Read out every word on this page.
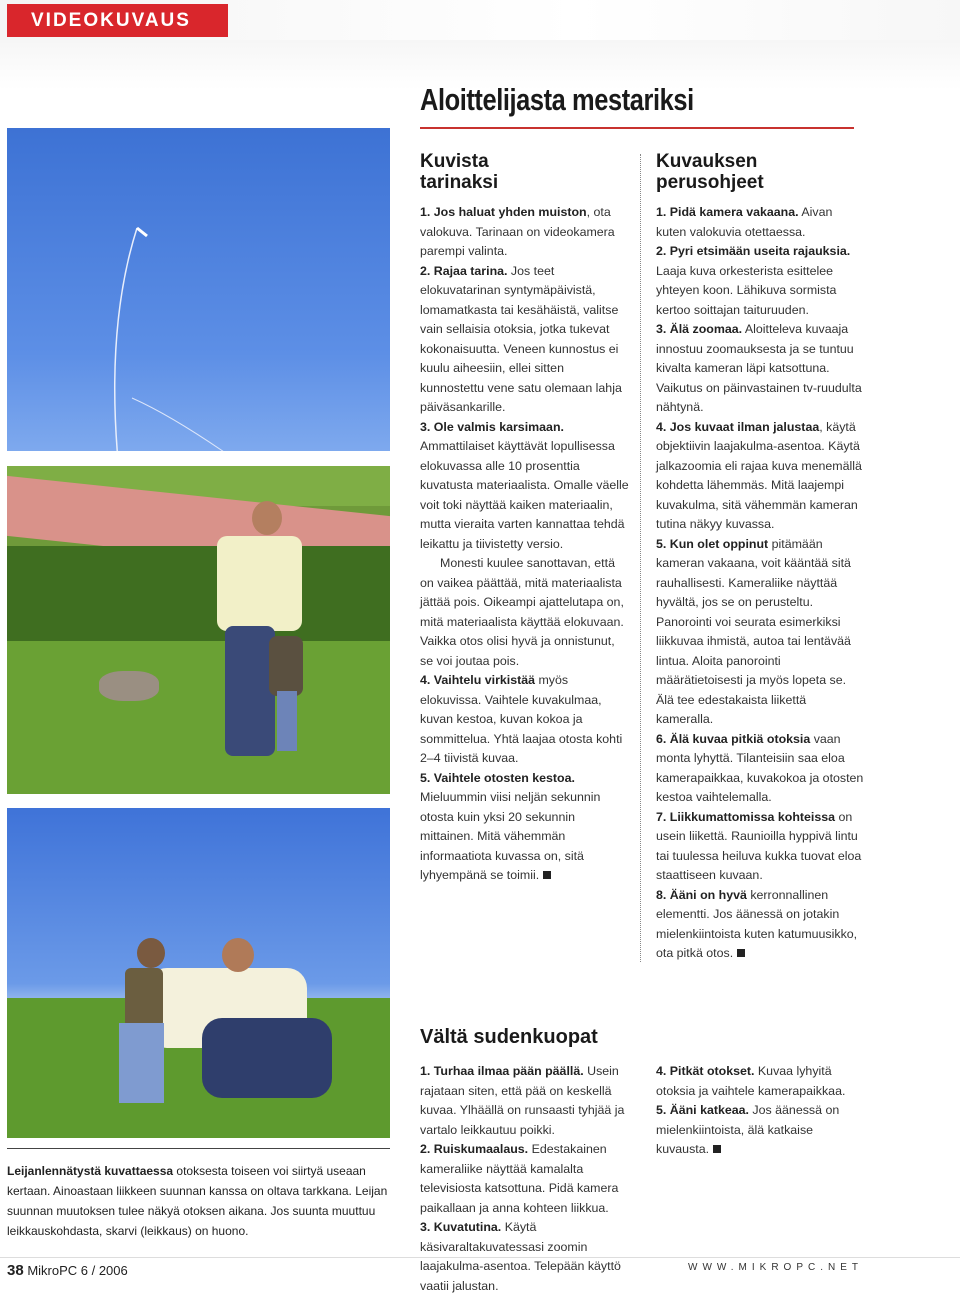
VIDEOKUVAUS
Leijanlennätystä kuvattaessa otoksesta toiseen voi siirtyä useaan kertaan. Ainoastaan liikkeen suunnan kanssa on oltava tarkkana. Leijan suunnan muutoksen tulee näkyä otoksen aikana. Jos suunta muuttuu leikkauskohdasta, skarvi (leikkaus) on huono.
Aloittelijasta mestariksi
Kuvista
tarinaksi

1. Jos haluat yhden muiston, ota valokuva. Tarinaan on videokamera parempi valinta.

2. Rajaa tarina. Jos teet elokuvatarinan syntymäpäivistä, lomamatkasta tai kesähäistä, valitse vain sellaisia otoksia, jotka tukevat kokonaisuutta. Veneen kunnostus ei kuulu aiheesiin, ellei sitten kunnostettu vene satu olemaan lahja päiväsankarille.

3. Ole valmis karsimaan. Ammattilaiset käyttävät lopullisessa elokuvassa alle 10 prosenttia kuvatusta materiaalista. Omalle väelle voit toki näyttää kaiken materiaalin, mutta vieraita varten kannattaa tehdä leikattu ja tiivistetty versio.

Monesti kuulee sanottavan, että on vaikea päättää, mitä materiaalista jättää pois. Oikeampi ajattelutapa on, mitä materiaalista käyttää elokuvaan. Vaikka otos olisi hyvä ja onnistunut, se voi joutaa pois.

4. Vaihtelu virkistää myös elokuvissa. Vaihtele kuvakulmaa, kuvan kestoa, kuvan kokoa ja sommittelua. Yhtä laajaa otosta kohti 2–4 tiivistä kuvaa.

5. Vaihtele otosten kestoa. Mieluummin viisi neljän sekunnin otosta kuin yksi 20 sekunnin mittainen. Mitä vähemmän informaatiota kuvassa on, sitä lyhyempänä se toimii.

Kuvauksen
perusohjeet

1. Pidä kamera vakaana. Aivan kuten valokuvia otettaessa.

2. Pyri etsimään useita rajauksia. Laaja kuva orkesterista esittelee yhteyen koon. Lähikuva sormista kertoo soittajan taituruuden.

3. Älä zoomaa. Aloitteleva kuvaaja innostuu zoomauksesta ja se tuntuu kivalta kameran läpi katsottuna. Vaikutus on päinvastainen tv-ruudulta nähtynä.

4. Jos kuvaat ilman jalustaa, käytä objektiivin laajakulma-asentoa. Käytä jalkazoomia eli rajaa kuva menemällä kohdetta lähemmäs. Mitä laajempi kuvakulma, sitä vähemmän kameran tutina näkyy kuvassa.

5. Kun olet oppinut pitämään kameran vakaana, voit kääntää sitä rauhallisesti. Kameraliike näyttää hyvältä, jos se on perusteltu. Panorointi voi seurata esimerkiksi liikkuvaa ihmistä, autoa tai lentävää lintua. Aloita panorointi määrätietoisesti ja myös lopeta se. Älä tee edestakaista liikettä kameralla.

6. Älä kuvaa pitkiä otoksia vaan monta lyhyttä. Tilanteisiin saa eloa kamerapaikkaa, kuvakokoa ja otosten kestoa vaihtelemalla.

7. Liikkumattomissa kohteissa on usein liikettä. Raunioilla hyppivä lintu tai tuulessa heiluva kukka tuovat eloa staattiseen kuvaan.

8. Ääni on hyvä kerronnallinen elementti. Jos äänessä on jotakin mielenkiintoista kuten katumuusikko, ota pitkä otos.

Vältä sudenkuopat

1. Turhaa ilmaa pään päällä. Usein rajataan siten, että pää on keskellä kuvaa. Ylhäällä on runsaasti tyhjää ja vartalo leikkautuu poikki.

2. Ruiskumaalaus. Edestakainen kameraliike näyttää kamalalta televisiosta katsottuna. Pidä kamera paikallaan ja anna kohteen liikkua.

3. Kuvatutina. Käytä käsivaraltakuvatessasi zoomin laajakulma-asentoa. Telepään käyttö vaatii jalustan.

4. Pitkät otokset. Kuvaa lyhyitä otoksia ja vaihtele kamerapaikkaa.

5. Ääni katkeaa. Jos äänessä on mielenkiintoista, älä katkaise kuvausta.

38 MikroPC 6 / 2006	WWW.MIKROPC.NET
